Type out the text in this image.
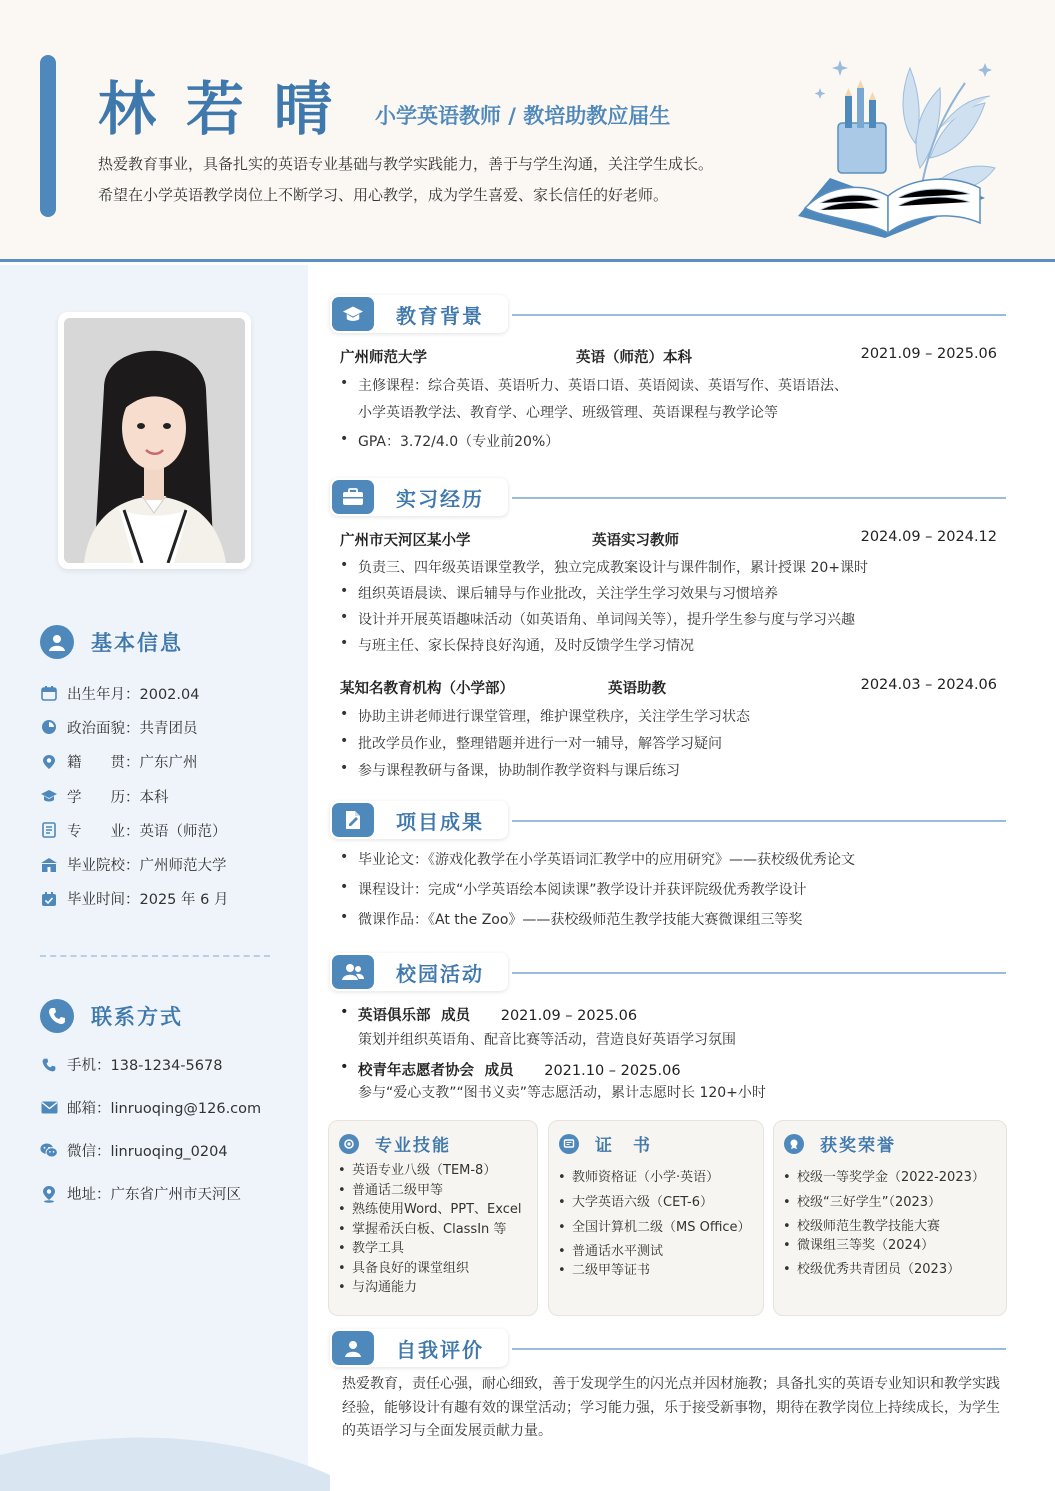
林若晴 小学英语教师 / 教培助教应届生
热爱教育事业，具备扎实的英语专业基础与教学实践能力，善于与学生沟通，关注学生成长。
希望在小学英语教学岗位上不断学习、用心教学，成为学生喜爱、家长信任的好老师。
基本信息
出生年月：2002.04
政治面貌：共青团员
籍　　贯：广东广州
学　　历：本科
专　　业：英语（师范）
毕业院校：广州师范大学
毕业时间：2025 年 6 月
联系方式
手机：138-1234-5678
邮箱：linruoqing@126.com
微信：linruoqing_0204
地址：广东省广州市天河区
教育背景
广州师范大学	英语（师范）本科	2021.09 – 2025.06
• 主修课程：综合英语、英语听力、英语口语、英语阅读、英语写作、英语语法、
小学英语教学法、教育学、心理学、班级管理、英语课程与教学论等
• GPA：3.72/4.0（专业前20%）
实习经历
广州市天河区某小学	英语实习教师	2024.09 – 2024.12
• 负责三、四年级英语课堂教学，独立完成教案设计与课件制作，累计授课 20+课时
• 组织英语晨读、课后辅导与作业批改，关注学生学习效果与习惯培养
• 设计并开展英语趣味活动（如英语角、单词闯关等），提升学生参与度与学习兴趣
• 与班主任、家长保持良好沟通，及时反馈学生学习情况
某知名教育机构（小学部）	英语助教	2024.03 – 2024.06
• 协助主讲老师进行课堂管理，维护课堂秩序，关注学生学习状态
• 批改学员作业，整理错题并进行一对一辅导，解答学习疑问
• 参与课程教研与备课，协助制作教学资料与课后练习
项目成果
• 毕业论文：《游戏化教学在小学英语词汇教学中的应用研究》——获校级优秀论文
• 课程设计：完成“小学英语绘本阅读课”教学设计并获评院级优秀教学设计
• 微课作品：《At the Zoo》——获校级师范生教学技能大赛微课组三等奖
校园活动
• 英语俱乐部 成员 2021.09 – 2025.06
策划并组织英语角、配音比赛等活动，营造良好英语学习氛围
• 校青年志愿者协会 成员 2021.10 – 2025.06
参与“爱心支教”“图书义卖”等志愿活动，累计志愿时长 120+小时
专业技能
• 英语专业八级（TEM-8）
• 普通话二级甲等
• 熟练使用Word、PPT、Excel
• 掌握希沃白板、ClassIn 等
• 教学工具
• 具备良好的课堂组织
• 与沟通能力
证　书
• 教师资格证（小学·英语）
• 大学英语六级（CET-6）
• 全国计算机二级（MS Office）
• 普通话水平测试
• 二级甲等证书
获奖荣誉
• 校级一等奖学金（2022-2023）
• 校级“三好学生”（2023）
• 校级师范生教学技能大赛
• 微课组三等奖（2024）
• 校级优秀共青团员（2023）
自我评价
热爱教育，责任心强，耐心细致，善于发现学生的闪光点并因材施教；具备扎实的英语专业知识和教学实践经验，能够设计有趣有效的课堂活动；学习能力强，乐于接受新事物，期待在教学岗位上持续成长，为学生的英语学习与全面发展贡献力量。
